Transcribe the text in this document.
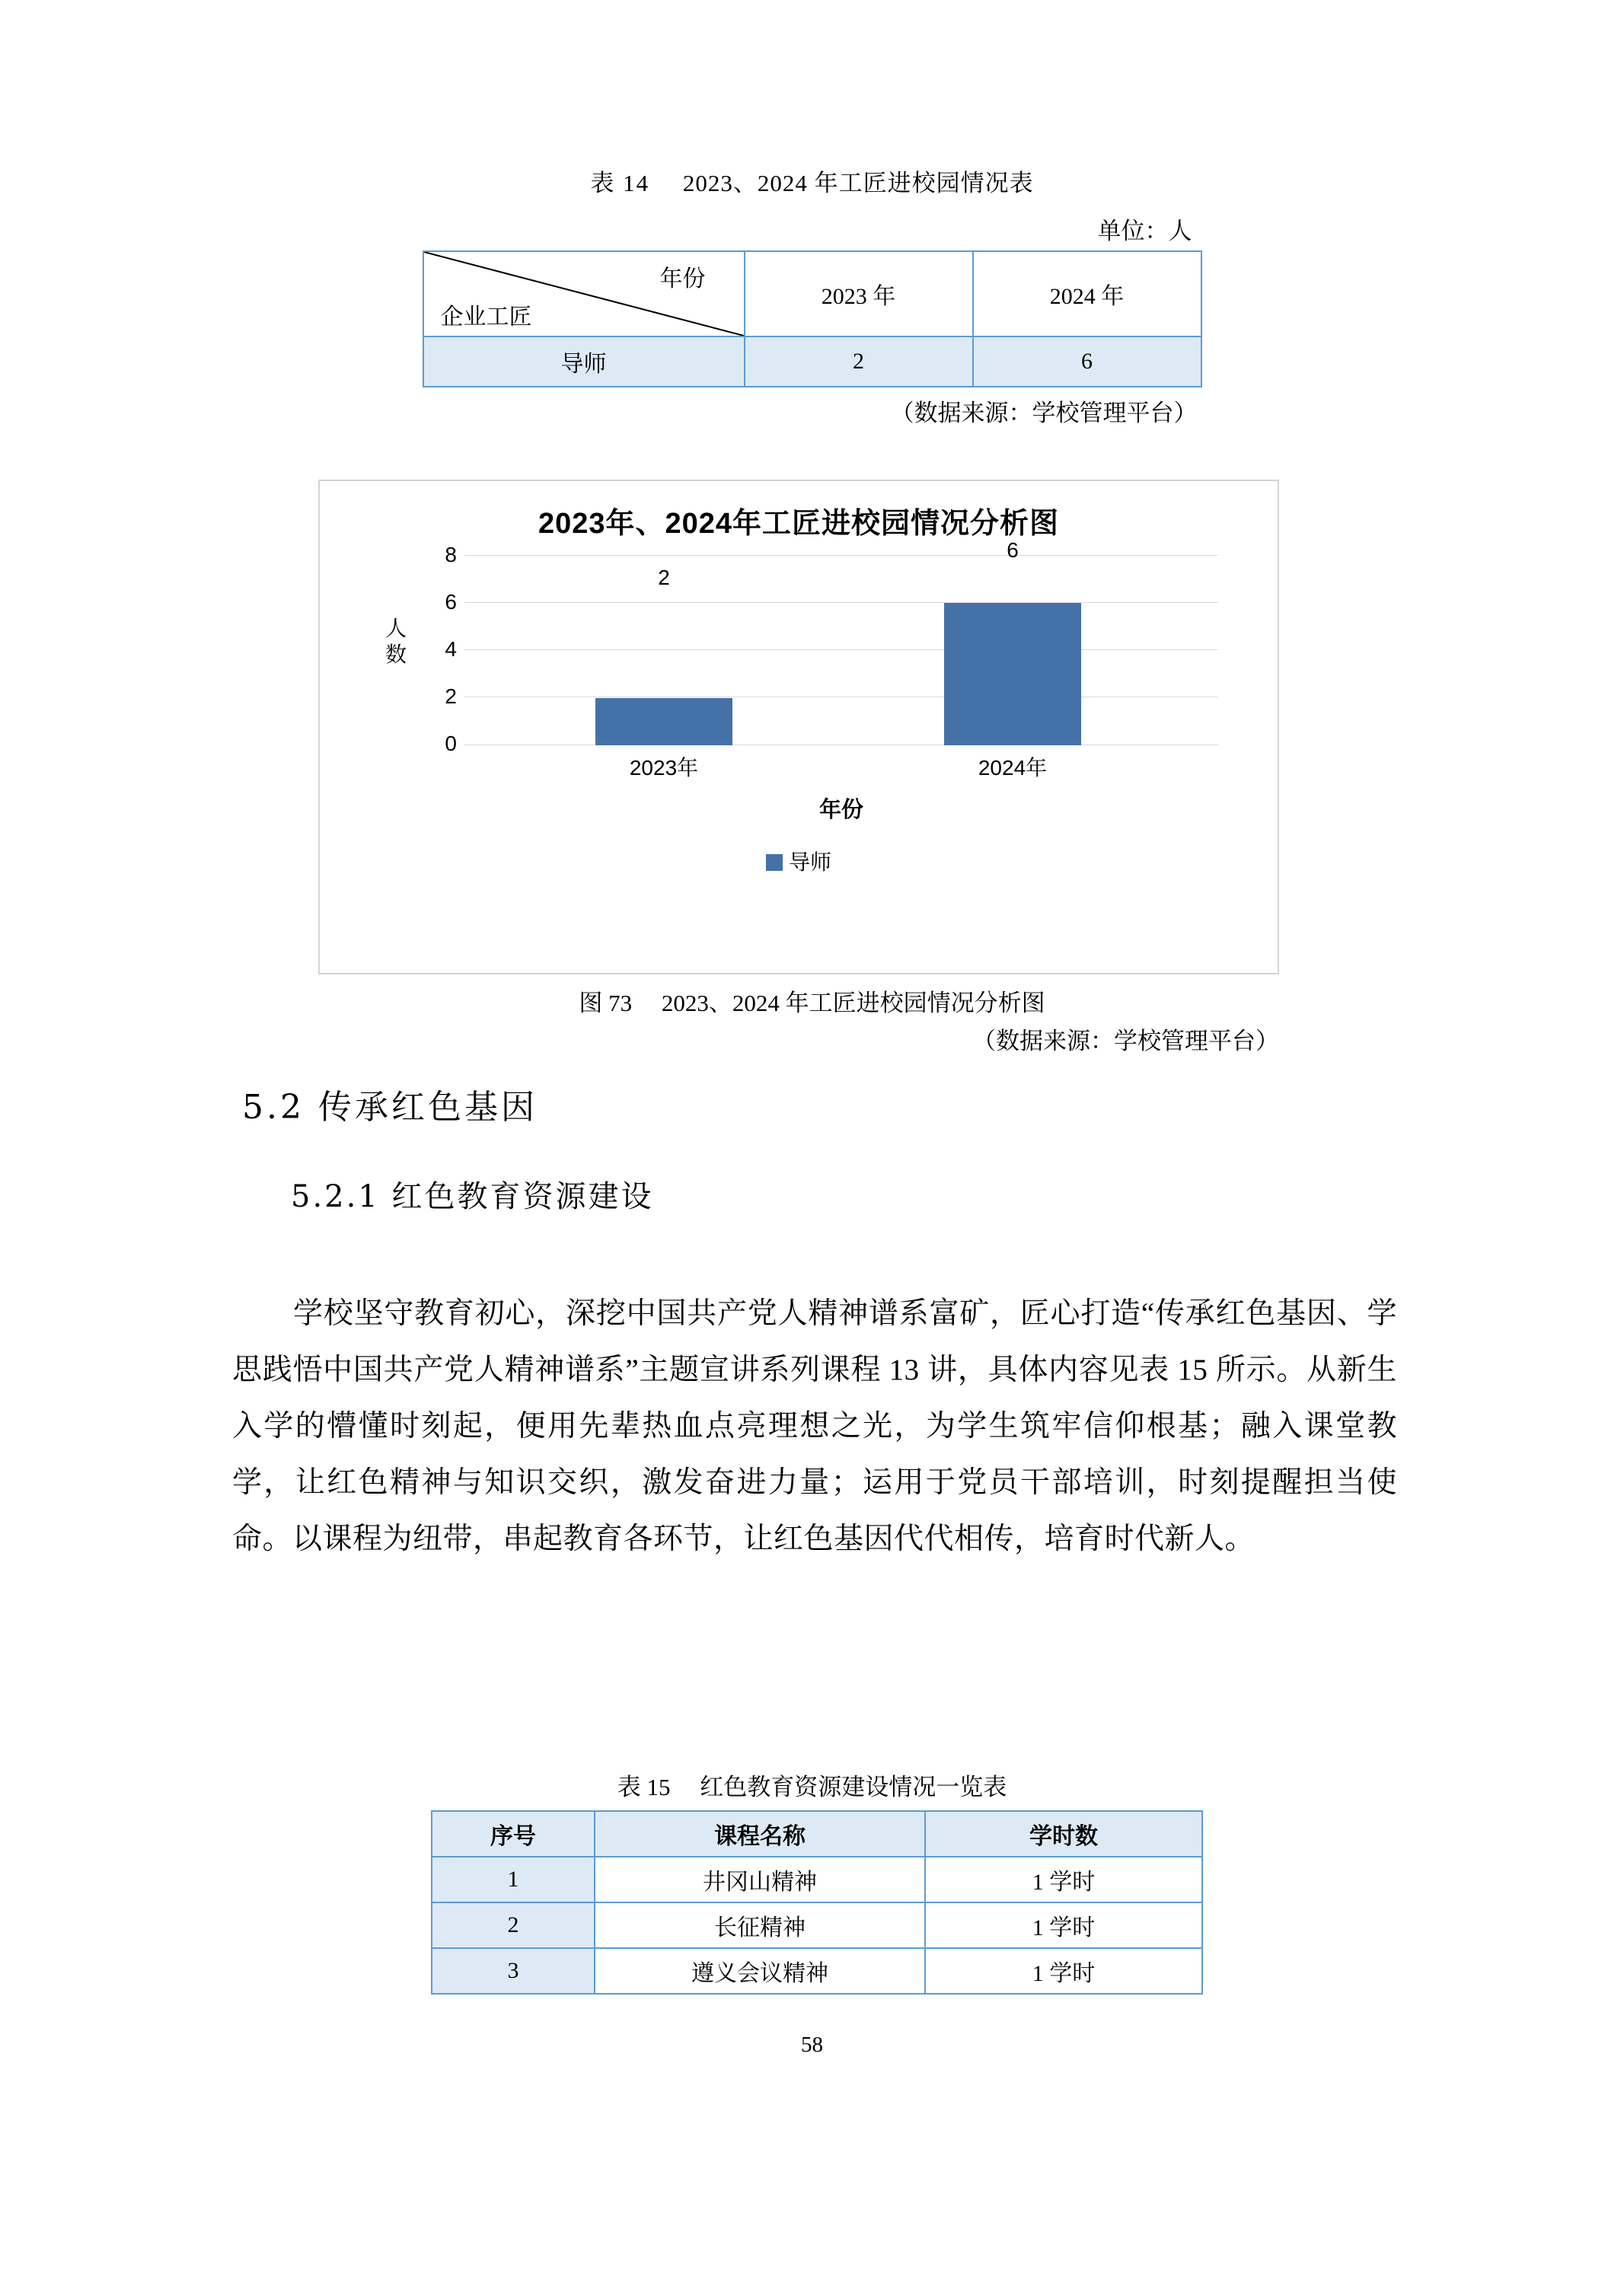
表 14 2023、2024 年工匠进校园情况表
单位：人
年份
企业工匠	2023 年	2024 年
导师	2	6
（数据来源：学校管理平台）
2023年、2024年工匠进校园情况分析图
人
数
8
6
4
2
0
2
6
2023年	2024年
年份
导师
图 73 2023、2024 年工匠进校园情况分析图
（数据来源：学校管理平台）
5.2 传承红色基因
5.2.1 红色教育资源建设

学校坚守教育初心，深挖中国共产党人精神谱系富矿，匠心打造“传承红色基因、学思践悟中国共产党人精神谱系”主题宣讲系列课程 13 讲，具体内容见表 15 所示。从新生入学的懵懂时刻起，便用先辈热血点亮理想之光，为学生筑牢信仰根基；融入课堂教学，让红色精神与知识交织，激发奋进力量；运用于党员干部培训，时刻提醒担当使命。以课程为纽带，串起教育各环节，让红色基因代代相传，培育时代新人。

表 15 红色教育资源建设情况一览表
序号	课程名称	学时数
1	井冈山精神	1 学时
2	长征精神	1 学时
3	遵义会议精神	1 学时
58
